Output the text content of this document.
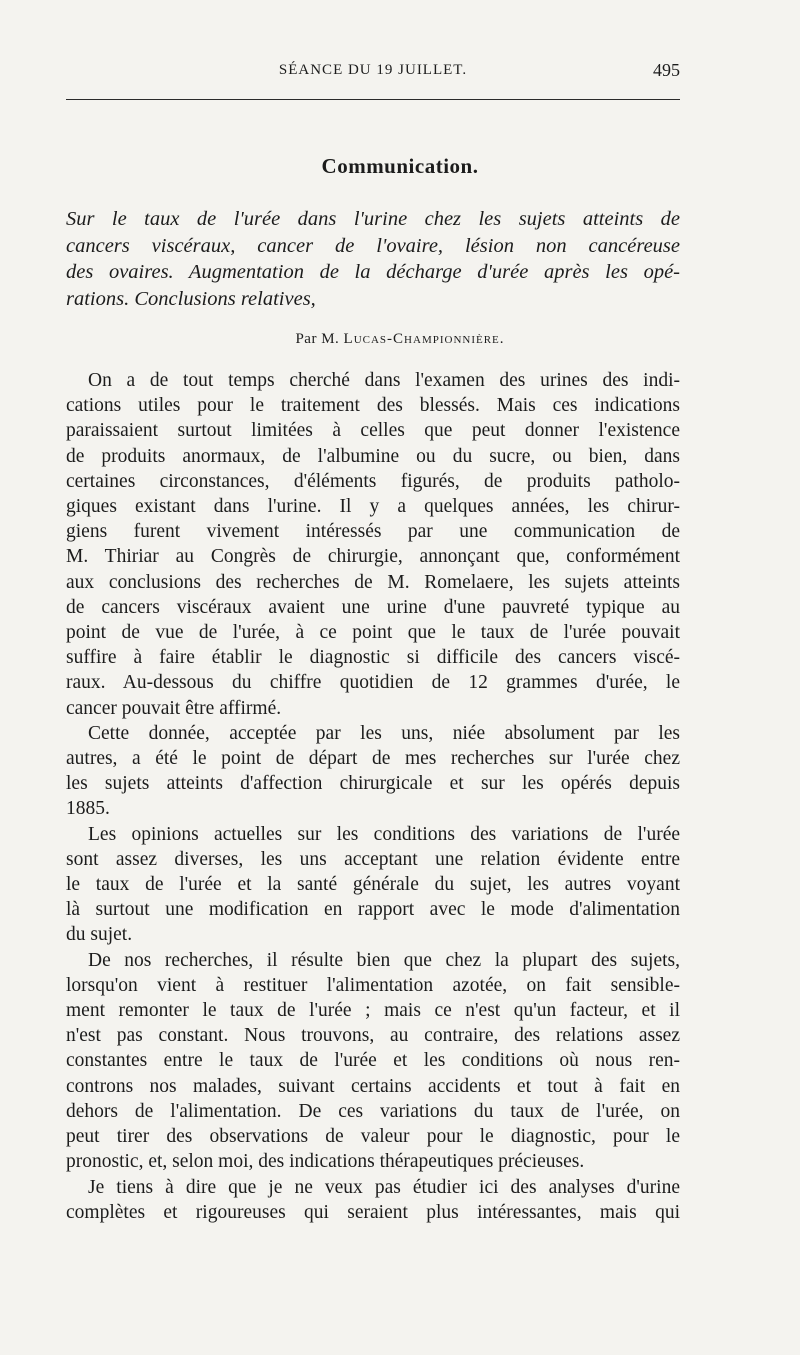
SÉANCE DU 19 JUILLET.	495
Communication.
Sur le taux de l'urée dans l'urine chez les sujets atteints de
cancers viscéraux, cancer de l'ovaire, lésion non cancéreuse
des ovaires. Augmentation de la décharge d'urée après les opé-
rations. Conclusions relatives,
Par M. Lucas-Championnière.
On a de tout temps cherché dans l'examen des urines des indi-
cations utiles pour le traitement des blessés. Mais ces indications
paraissaient surtout limitées à celles que peut donner l'existence
de produits anormaux, de l'albumine ou du sucre, ou bien, dans
certaines circonstances, d'éléments figurés, de produits patholo-
giques existant dans l'urine. Il y a quelques années, les chirur-
giens furent vivement intéressés par une communication de
M. Thiriar au Congrès de chirurgie, annonçant que, conformément
aux conclusions des recherches de M. Romelaere, les sujets atteints
de cancers viscéraux avaient une urine d'une pauvreté typique au
point de vue de l'urée, à ce point que le taux de l'urée pouvait
suffire à faire établir le diagnostic si difficile des cancers viscé-
raux. Au-dessous du chiffre quotidien de 12 grammes d'urée, le
cancer pouvait être affirmé.
Cette donnée, acceptée par les uns, niée absolument par les
autres, a été le point de départ de mes recherches sur l'urée chez
les sujets atteints d'affection chirurgicale et sur les opérés depuis
1885.
Les opinions actuelles sur les conditions des variations de l'urée
sont assez diverses, les uns acceptant une relation évidente entre
le taux de l'urée et la santé générale du sujet, les autres voyant
là surtout une modification en rapport avec le mode d'alimentation
du sujet.
De nos recherches, il résulte bien que chez la plupart des sujets,
lorsqu'on vient à restituer l'alimentation azotée, on fait sensible-
ment remonter le taux de l'urée ; mais ce n'est qu'un facteur, et il
n'est pas constant. Nous trouvons, au contraire, des relations assez
constantes entre le taux de l'urée et les conditions où nous ren-
controns nos malades, suivant certains accidents et tout à fait en
dehors de l'alimentation. De ces variations du taux de l'urée, on
peut tirer des observations de valeur pour le diagnostic, pour le
pronostic, et, selon moi, des indications thérapeutiques précieuses.
Je tiens à dire que je ne veux pas étudier ici des analyses d'urine
complètes et rigoureuses qui seraient plus intéressantes, mais qui
